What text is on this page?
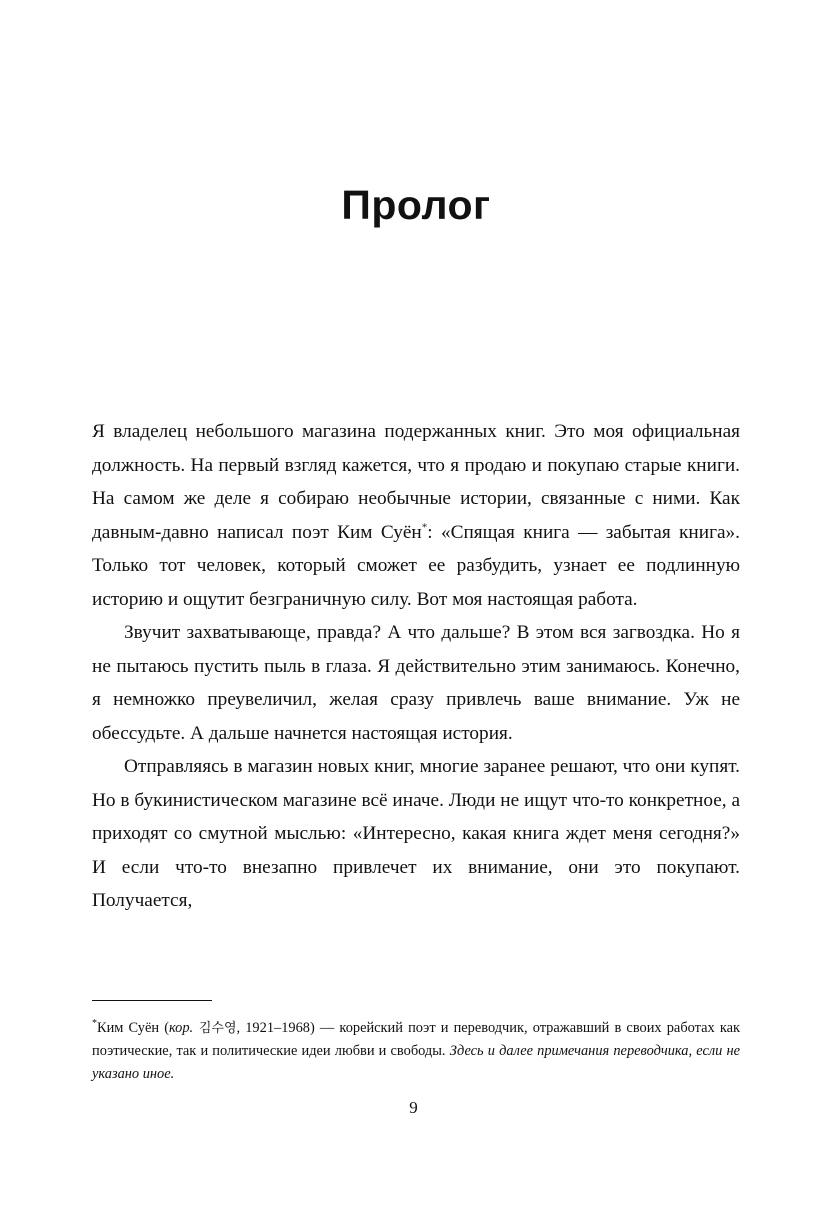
Пролог

Я владелец небольшого магазина подержанных книг. Это моя официальная должность. На первый взгляд кажется, что я продаю и покупаю старые книги. На самом же деле я собираю необычные истории, связанные с ними. Как давным-давно написал поэт Ким Суён*: «Спящая книга — забытая книга». Только тот человек, который сможет ее разбудить, узнает ее подлинную историю и ощутит безграничную силу. Вот моя настоящая работа.

Звучит захватывающе, правда? А что дальше? В этом вся загвоздка. Но я не пытаюсь пустить пыль в глаза. Я действительно этим занимаюсь. Конечно, я немножко преувеличил, желая сразу привлечь ваше внимание. Уж не обессудьте. А дальше начнется настоящая история.

Отправляясь в магазин новых книг, многие заранее решают, что они купят. Но в букинистическом магазине всё иначе. Люди не ищут что-то конкретное, а приходят со смутной мыслью: «Интересно, какая книга ждет меня сегодня?» И если что-то внезапно привлечет их внимание, они это покупают. Получается,

*Ким Суён (кор. 김수영, 1921–1968) — корейский поэт и переводчик, отражавший в своих работах как поэтические, так и политические идеи любви и свободы. Здесь и далее примечания переводчика, если не указано иное.

9
